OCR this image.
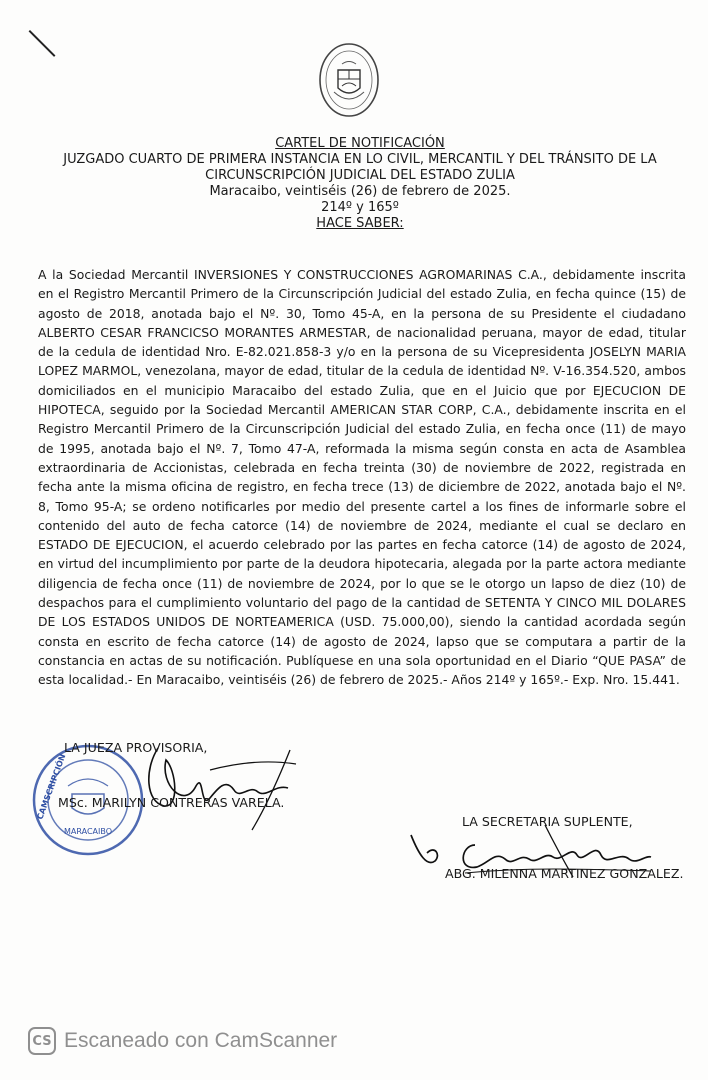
CARTEL DE NOTIFICACIÓN
JUZGADO CUARTO DE PRIMERA INSTANCIA EN LO CIVIL, MERCANTIL Y DEL TRÁNSITO DE LA
CIRCUNSCRIPCIÓN JUDICIAL DEL ESTADO ZULIA
Maracaibo, veintiséis (26) de febrero de 2025.
214º y 165º
HACE SABER:

A la Sociedad Mercantil INVERSIONES Y CONSTRUCCIONES AGROMARINAS C.A., debidamente inscrita en el Registro Mercantil Primero de la Circunscripción Judicial del estado Zulia, en fecha quince (15) de agosto de 2018, anotada bajo el Nº. 30, Tomo 45-A, en la persona de su Presidente el ciudadano ALBERTO CESAR FRANCICSO MORANTES ARMESTAR, de nacionalidad peruana, mayor de edad, titular de la cedula de identidad Nro. E-82.021.858-3 y/o en la persona de su Vicepresidenta JOSELYN MARIA LOPEZ MARMOL, venezolana, mayor de edad, titular de la cedula de identidad Nº. V-16.354.520, ambos domiciliados en el municipio Maracaibo del estado Zulia, que en el Juicio que por EJECUCION DE HIPOTECA, seguido por la Sociedad Mercantil AMERICAN STAR CORP, C.A., debidamente inscrita en el Registro Mercantil Primero de la Circunscripción Judicial del estado Zulia, en fecha once (11) de mayo de 1995, anotada bajo el Nº. 7, Tomo 47-A, reformada la misma según consta en acta de Asamblea extraordinaria de Accionistas, celebrada en fecha treinta (30) de noviembre de 2022, registrada en fecha ante la misma oficina de registro, en fecha trece (13) de diciembre de 2022, anotada bajo el Nº. 8, Tomo 95-A; se ordeno notificarles por medio del presente cartel a los fines de informarle sobre el contenido del auto de fecha catorce (14) de noviembre de 2024, mediante el cual se declaro en ESTADO DE EJECUCION, el acuerdo celebrado por las partes en fecha catorce (14) de agosto de 2024, en virtud del incumplimiento por parte de la deudora hipotecaria, alegada por la parte actora mediante diligencia de fecha once (11) de noviembre de 2024, por lo que se le otorgo un lapso de diez (10) de despachos para el cumplimiento voluntario del pago de la cantidad de SETENTA Y CINCO MIL DOLARES DE LOS ESTADOS UNIDOS DE NORTEAMERICA (USD. 75.000,00), siendo la cantidad acordada según consta en escrito de fecha catorce (14) de agosto de 2024, lapso que se computara a partir de la constancia en actas de su notificación. Publíquese en una sola oportunidad en el Diario “QUE PASA” de esta localidad.- En Maracaibo, veintiséis (26) de febrero de 2025.- Años 214º y 165º.- Exp. Nro. 15.441.

CAMSCRIPCIÓN
MARACAIBO
LA JUEZA PROVISORIA,
MSc. MARILYN CONTRERAS VARELA.
LA SECRETARIA SUPLENTE,
ABG. MILENNA MARTINEZ GONZALEZ.
CS Escaneado con CamScanner
